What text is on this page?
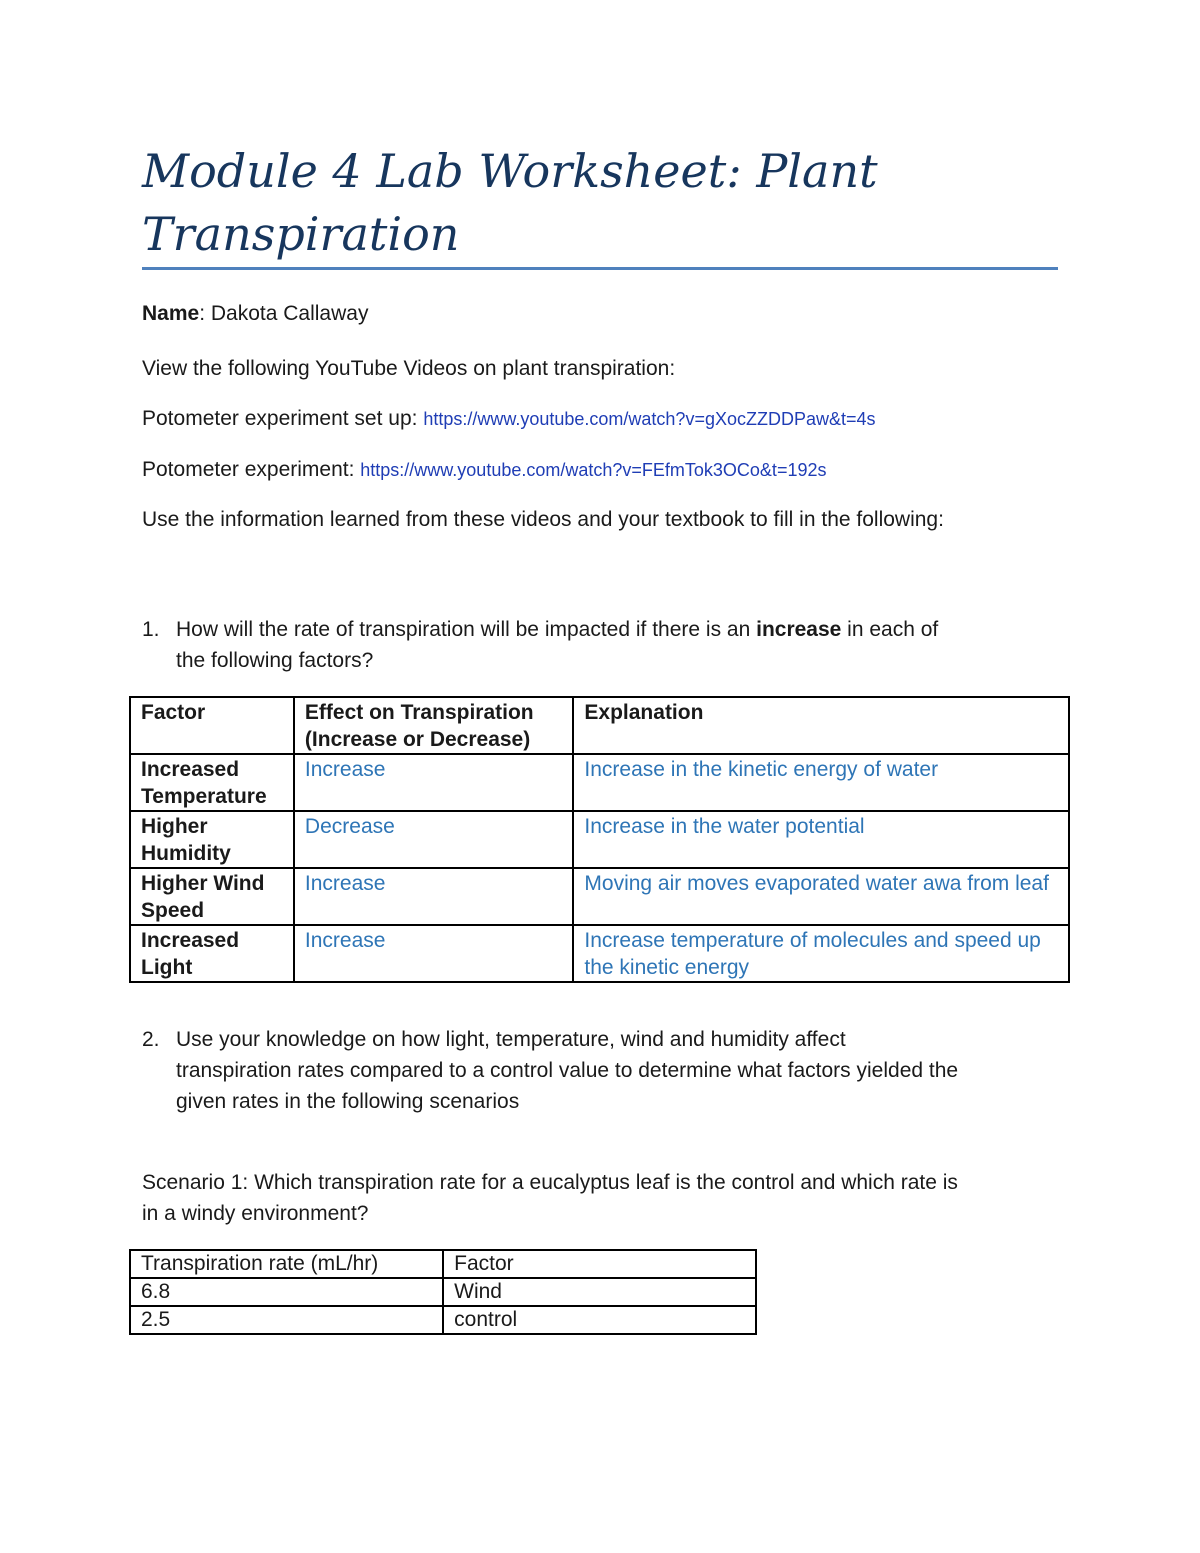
Module 4 Lab Worksheet: Plant
Transpiration
Name: Dakota Callaway
View the following YouTube Videos on plant transpiration:
Potometer experiment set up: https://www.youtube.com/watch?v=gXocZZDDPaw&t=4s
Potometer experiment: https://www.youtube.com/watch?v=FEfmTok3OCo&t=192s
Use the information learned from these videos and your textbook to fill in the following:
1. How will the rate of transpiration will be impacted if there is an increase in each of
the following factors?
Factor	Effect on Transpiration (Increase or Decrease)	Explanation
Increased Temperature	Increase	Increase in the kinetic energy of water
Higher Humidity	Decrease	Increase in the water potential
Higher Wind Speed	Increase	Moving air moves evaporated water awa from leaf
Increased Light	Increase	Increase temperature of molecules and speed up the kinetic energy
2. Use your knowledge on how light, temperature, wind and humidity affect
transpiration rates compared to a control value to determine what factors yielded the
given rates in the following scenarios
Scenario 1: Which transpiration rate for a eucalyptus leaf is the control and which rate is
in a windy environment?
Transpiration rate (mL/hr)	Factor
6.8	Wind
2.5	control
